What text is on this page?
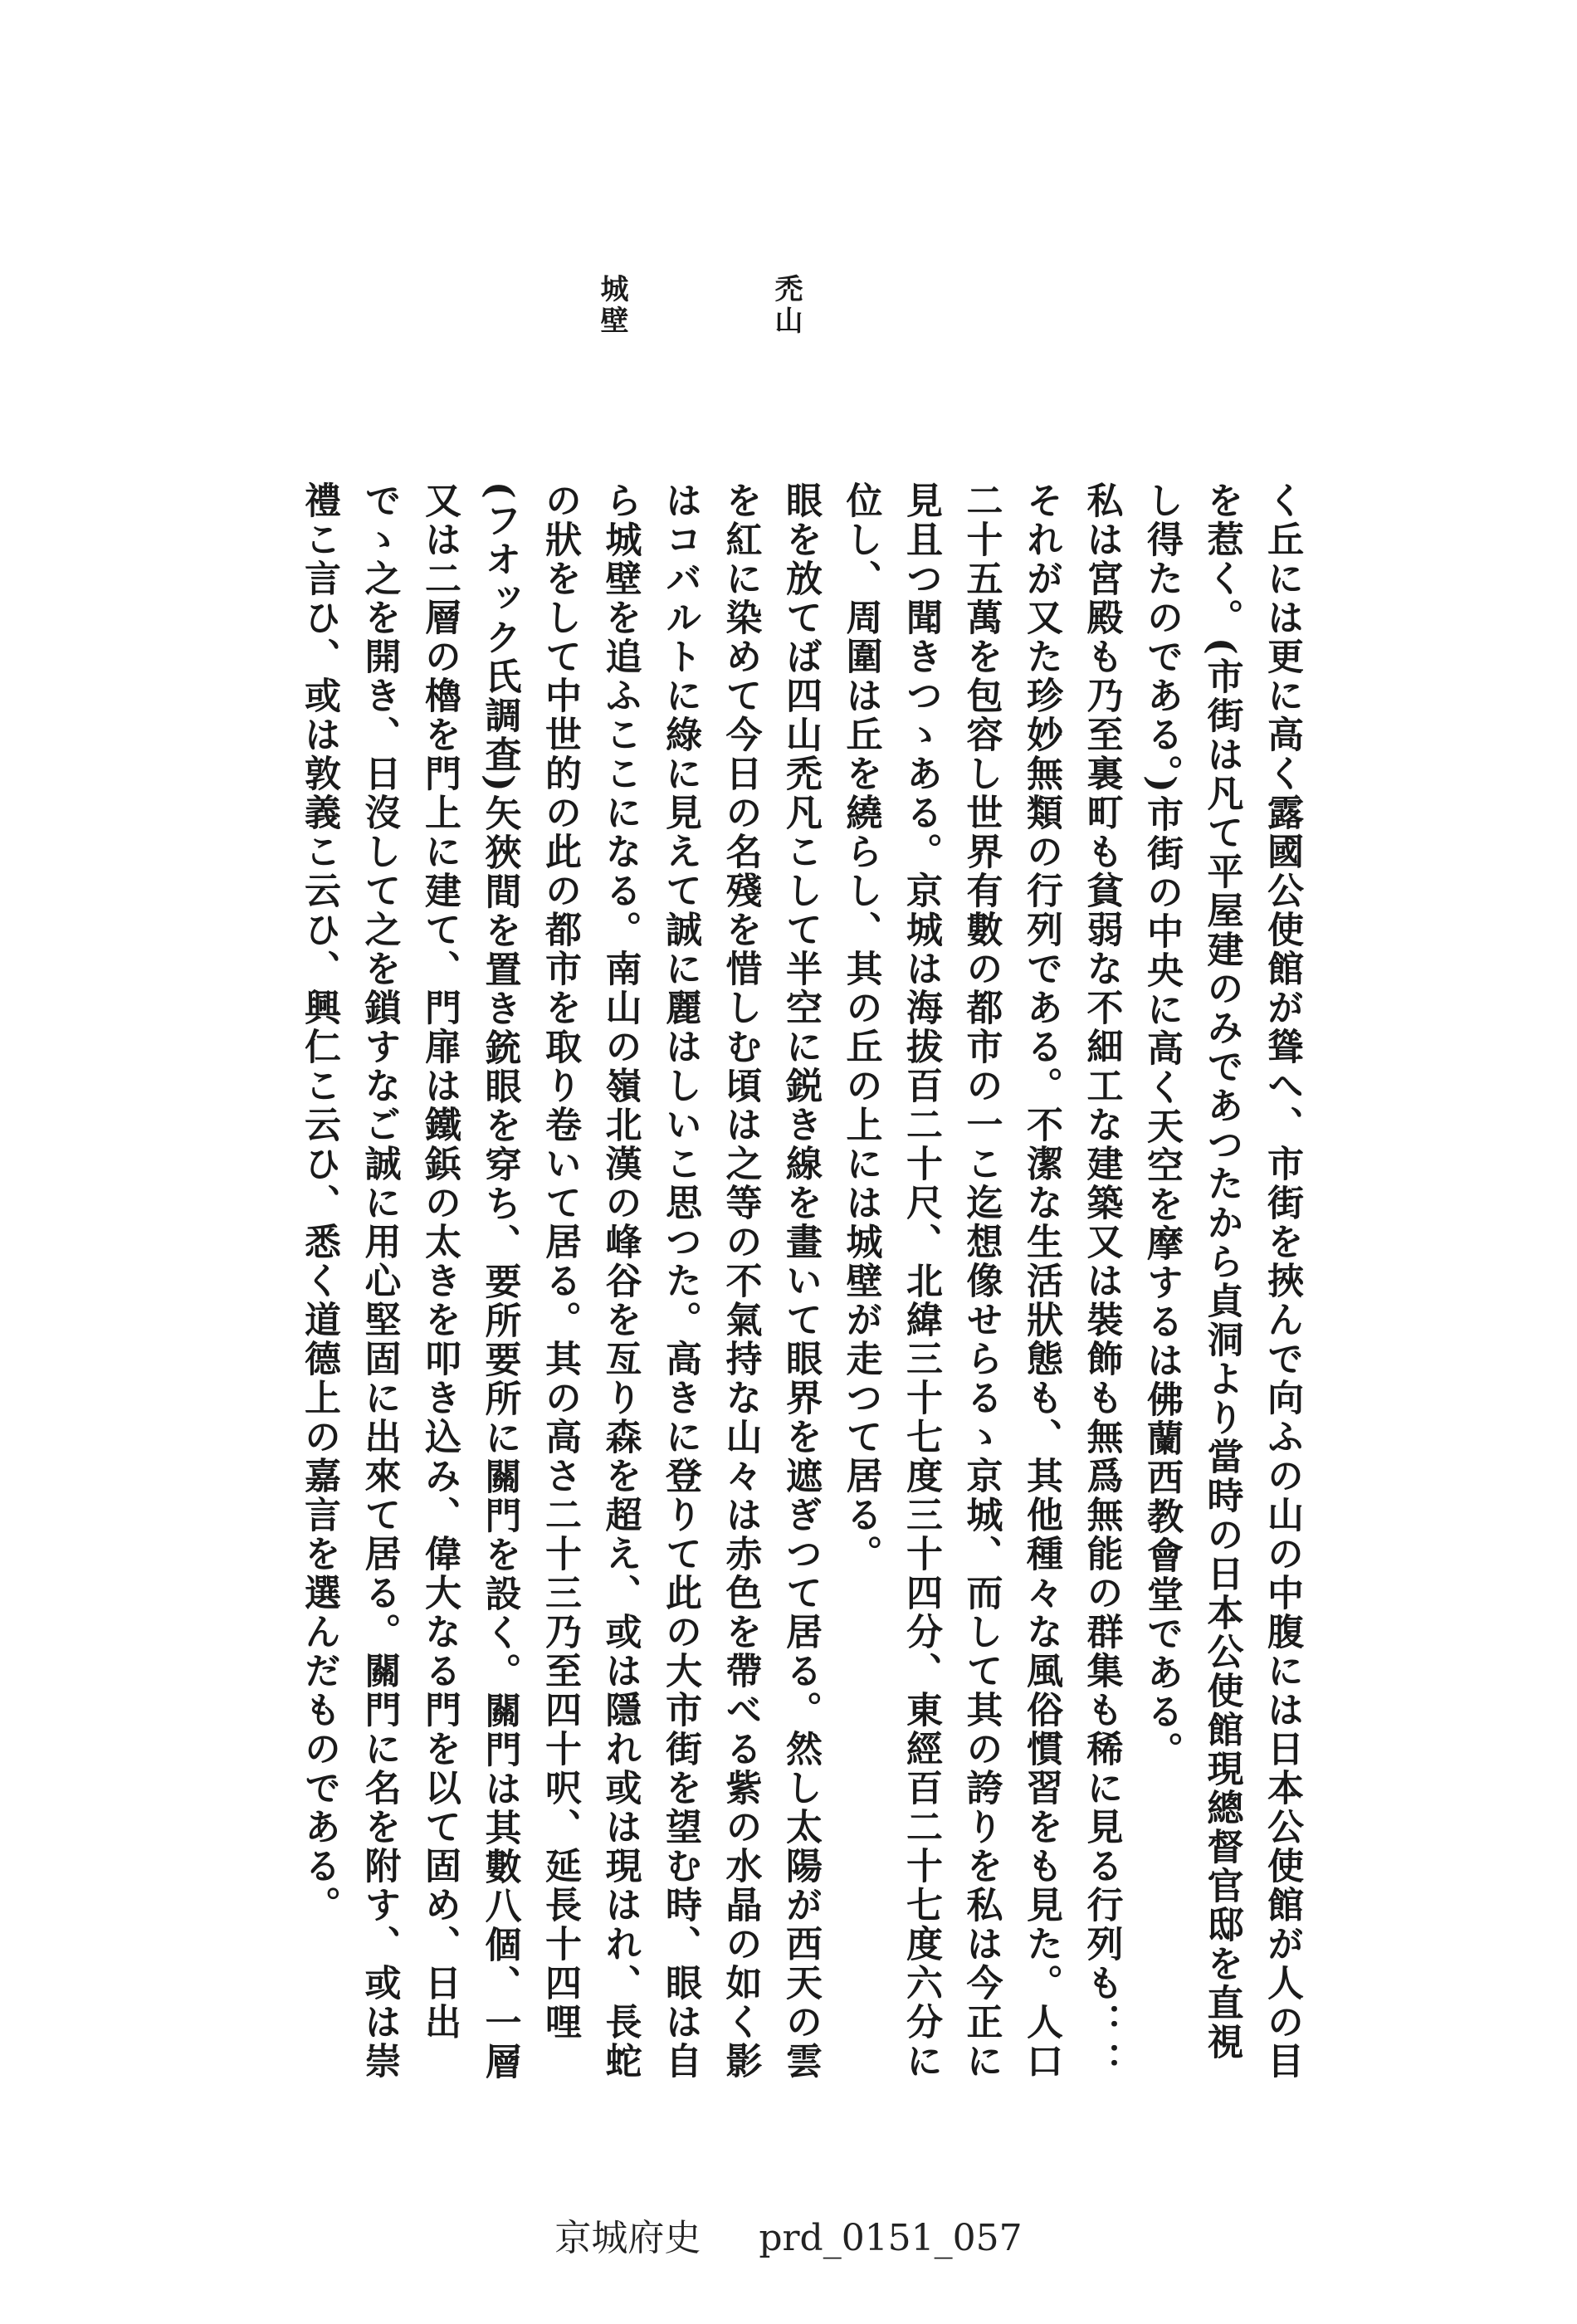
禿山
城壁

く丘には更に高く露國公使館が聳へ、市街を挾んで向ふの山の中腹には日本公使館が人の目を惹く。(市街は凡て平屋建のみであつたから貞洞より當時の日本公使館現總督官邸を直視し得たのである。)市街の中央に高く天空を摩するは佛蘭西教會堂である。

私は宮殿も乃至裏町も貧弱な不細工な建築又は裝飾も無爲無能の群集も稀に見る行列も：：それが又た珍妙無類の行列である。不潔な生活狀態も、其他種々な風俗慣習をも見た。人口二十五萬を包容し世界有數の都市の一こ迄想像せらるゝ京城、而して其の誇りを私は今正に見且つ聞きつゝある。京城は海拔百二十尺、北緯三十七度三十四分、東經百二十七度六分に位し、周圍は丘を繞らし、其の丘の上には城壁が走つて居る。

眼を放てば四山禿凡こして半空に鋭き線を畫いて眼界を遮ぎつて居る。然し太陽が西天の雲を紅に染めて今日の名殘を惜しむ頃は之等の不氣持な山々は赤色を帶べる紫の水晶の如く影はコバルトに綠に見えて誠に麗はしいこ思つた。高きに登りて此の大市街を望む時、眼は自ら城壁を追ふここになる。南山の嶺北漢の峰谷を亙り森を超え、或は隱れ或は現はれ、長蛇の狀をして中世的の此の都市を取り卷いて居る。其の高さ二十三乃至四十呎、延長十四哩(フオック氏調査)矢狹間を置き銃眼を穿ち、要所要所に關門を設く。關門は其數八個、一層又は二層の櫓を門上に建て、門扉は鐵鋲の太きを叩き込み、偉大なる門を以て固め、日出でゝ之を開き、日沒して之を鎖すなご誠に用心堅固に出來て居る。關門に名を附す、或は崇禮こ言ひ、或は敦義こ云ひ、興仁こ云ひ、悉く道德上の嘉言を選んだものである。

京城府史 prd_0151_057
